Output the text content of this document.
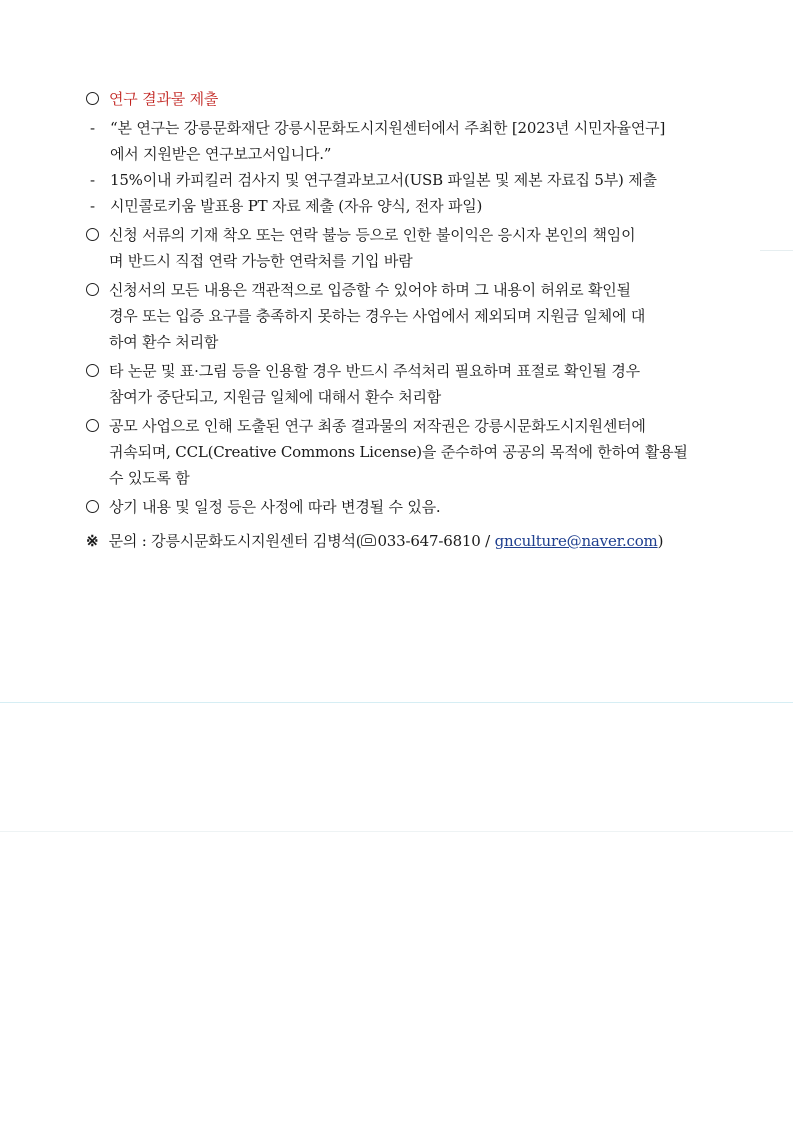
연구 결과물 제출
- “본 연구는 강릉문화재단 강릉시문화도시지원센터에서 주최한 [2023년 시민자율연구]
에서 지원받은 연구보고서입니다.”
- 15%이내 카피킬러 검사지 및 연구결과보고서(USB 파일본 및 제본 자료집 5부) 제출
- 시민콜로키움 발표용 PT 자료 제출 (자유 양식, 전자 파일)
신청 서류의 기재 착오 또는 연락 불능 등으로 인한 불이익은 응시자 본인의 책임이
며 반드시 직접 연락 가능한 연락처를 기입 바람
신청서의 모든 내용은 객관적으로 입증할 수 있어야 하며 그 내용이 허위로 확인될
경우 또는 입증 요구를 충족하지 못하는 경우는 사업에서 제외되며 지원금 일체에 대
하여 환수 처리함
타 논문 및 표·그림 등을 인용할 경우 반드시 주석처리 필요하며 표절로 확인될 경우
참여가 중단되고, 지원금 일체에 대해서 환수 처리함
공모 사업으로 인해 도출된 연구 최종 결과물의 저작권은 강릉시문화도시지원센터에
귀속되며, CCL(Creative Commons License)을 준수하여 공공의 목적에 한하여 활용될
수 있도록 함
상기 내용 및 일정 등은 사정에 따라 변경될 수 있음.
※ 문의 : 강릉시문화도시지원센터 김병석( 033-647-6810 / gnculture@naver.com)
